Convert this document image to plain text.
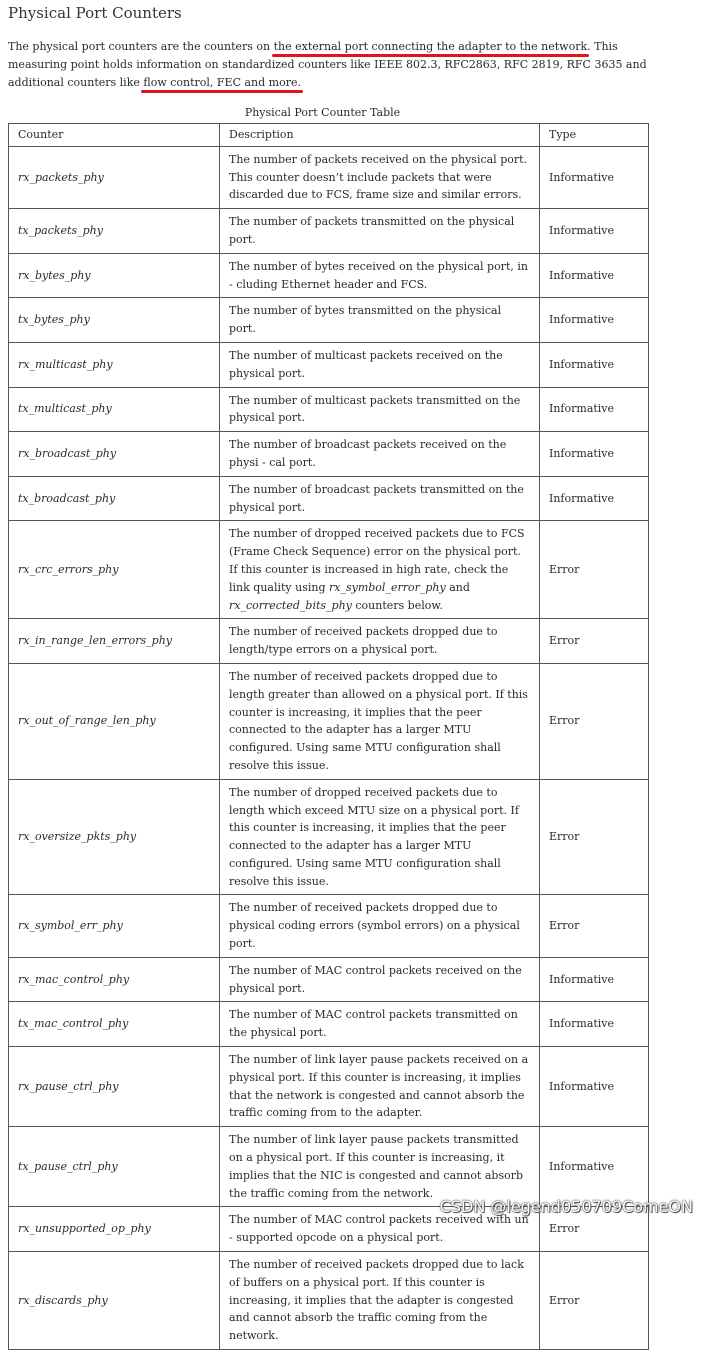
Physical Port Counters

The physical port counters are the counters on the external port connecting the adapter to the network
. This measuring point holds information on standardized counters like IEEE 802.3, RFC2863, RFC 2819, RFC 3635 and additional counters like flow control, FEC and more.

Physical Port Counter Table
Counter	Description	Type
rx_packets_phy	The number of packets received on the physical port. This counter doesn’t include packets that were discarded due to FCS, frame size and similar errors.	Informative
tx_packets_phy	The number of packets transmitted on the physical port.	Informative
rx_bytes_phy	The number of bytes received on the physical port, in - cluding Ethernet header and FCS.	Informative
tx_bytes_phy	The number of bytes transmitted on the physical port.	Informative
rx_multicast_phy	The number of multicast packets received on the physical port.	Informative
tx_multicast_phy	The number of multicast packets transmitted on the physical port.	Informative
rx_broadcast_phy	The number of broadcast packets received on the physi - cal port.	Informative
tx_broadcast_phy	The number of broadcast packets transmitted on the physical port.	Informative
rx_crc_errors_phy	The number of dropped received packets due to FCS (Frame Check Sequence) error on the physical port. If this counter is increased in high rate, check the link quality using rx_symbol_error_phy and rx_corrected_bits_phy counters below.	Error
rx_in_range_len_errors_phy	The number of received packets dropped due to length/type errors on a physical port.	Error
rx_out_of_range_len_phy	The number of received packets dropped due to length greater than allowed on a physical port. If this counter is increasing, it implies that the peer connected to the adapter has a larger MTU configured. Using same MTU configuration shall resolve this issue.	Error
rx_oversize_pkts_phy	The number of dropped received packets due to length which exceed MTU size on a physical port. If this counter is increasing, it implies that the peer connected to the adapter has a larger MTU configured. Using same MTU configuration shall resolve this issue.	Error
rx_symbol_err_phy	The number of received packets dropped due to physical coding errors (symbol errors) on a physical port.	Error
rx_mac_control_phy	The number of MAC control packets received on the physical port.	Informative
tx_mac_control_phy	The number of MAC control packets transmitted on the physical port.	Informative
rx_pause_ctrl_phy	The number of link layer pause packets received on a physical port. If this counter is increasing, it implies that the network is congested and cannot absorb the traffic coming from to the adapter.	Informative
tx_pause_ctrl_phy	The number of link layer pause packets transmitted on a physical port. If this counter is increasing, it implies that the NIC is congested and cannot absorb the traffic coming from the network.	Informative
rx_unsupported_op_phy	The number of MAC control packets received with un - supported opcode on a physical port.	Error
rx_discards_phy	The number of received packets dropped due to lack of buffers on a physical port. If this counter is increasing, it implies that the adapter is congested and cannot absorb the traffic coming from the network.	Error
CSDN @legend050709ComeON
